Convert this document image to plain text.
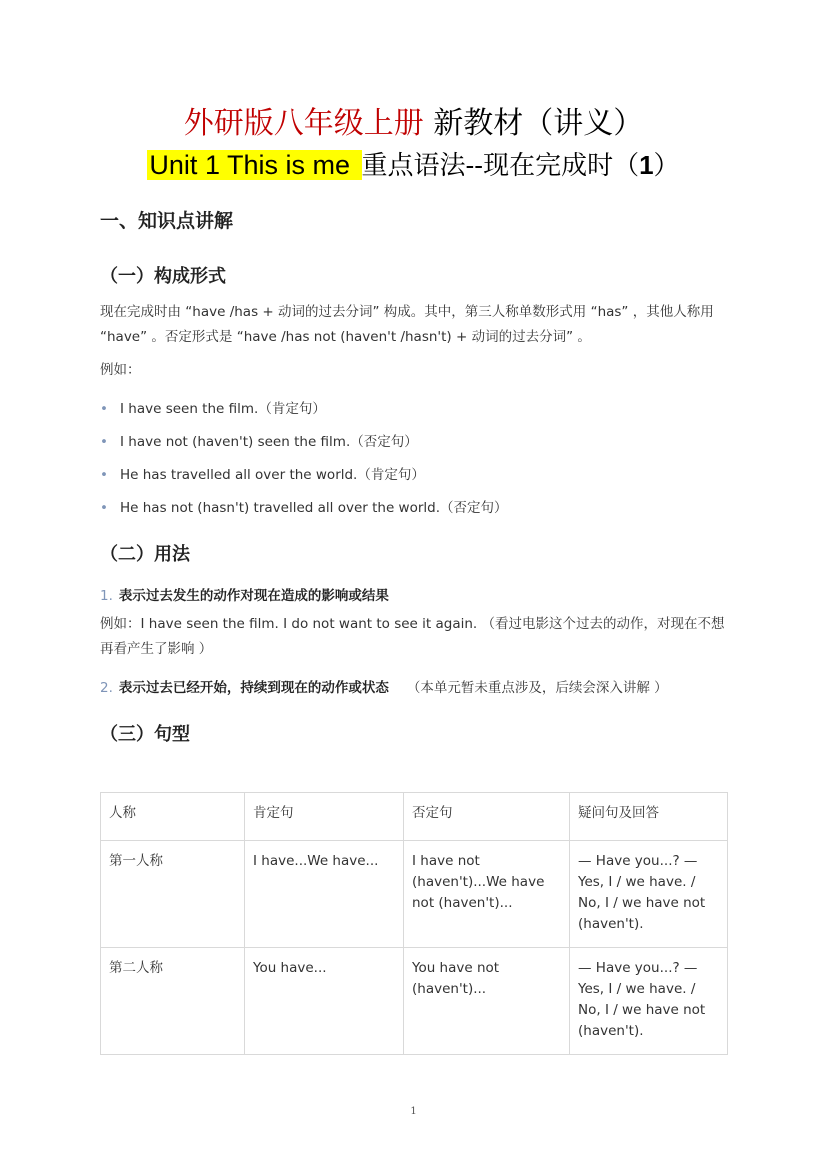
外研版八年级上册 新教材（讲义）
Unit 1 This is me 重点语法--现在完成时（1）
一、知识点讲解
（一）构成形式
现在完成时由 “have /has + 动词的过去分词” 构成。其中，第三人称单数形式用 “has” ，其他人称用 “have” 。否定形式是 “have /has not (haven't /hasn't) + 动词的过去分词” 。
例如：
• I have seen the film.（肯定句）
• I have not (haven't) seen the film.（否定句）
• He has travelled all over the world.（肯定句）
• He has not (hasn't) travelled all over the world.（否定句）
（二）用法
1. 表示过去发生的动作对现在造成的影响或结果
例如：I have seen the film. I do not want to see it again. （看过电影这个过去的动作，对现在不想再看产生了影响 ）
2. 表示过去已经开始，持续到现在的动作或状态 （本单元暂未重点涉及，后续会深入讲解 ）
（三）句型
人称	肯定句	否定句	疑问句及回答
第一人称	I have...We have...	I have not (haven't)...We have not (haven't)...	— Have you...? — Yes, I / we have. / No, I / we have not (haven't).
第二人称	You have...	You have not (haven't)...	— Have you...? — Yes, I / we have. / No, I / we have not (haven't).
1
